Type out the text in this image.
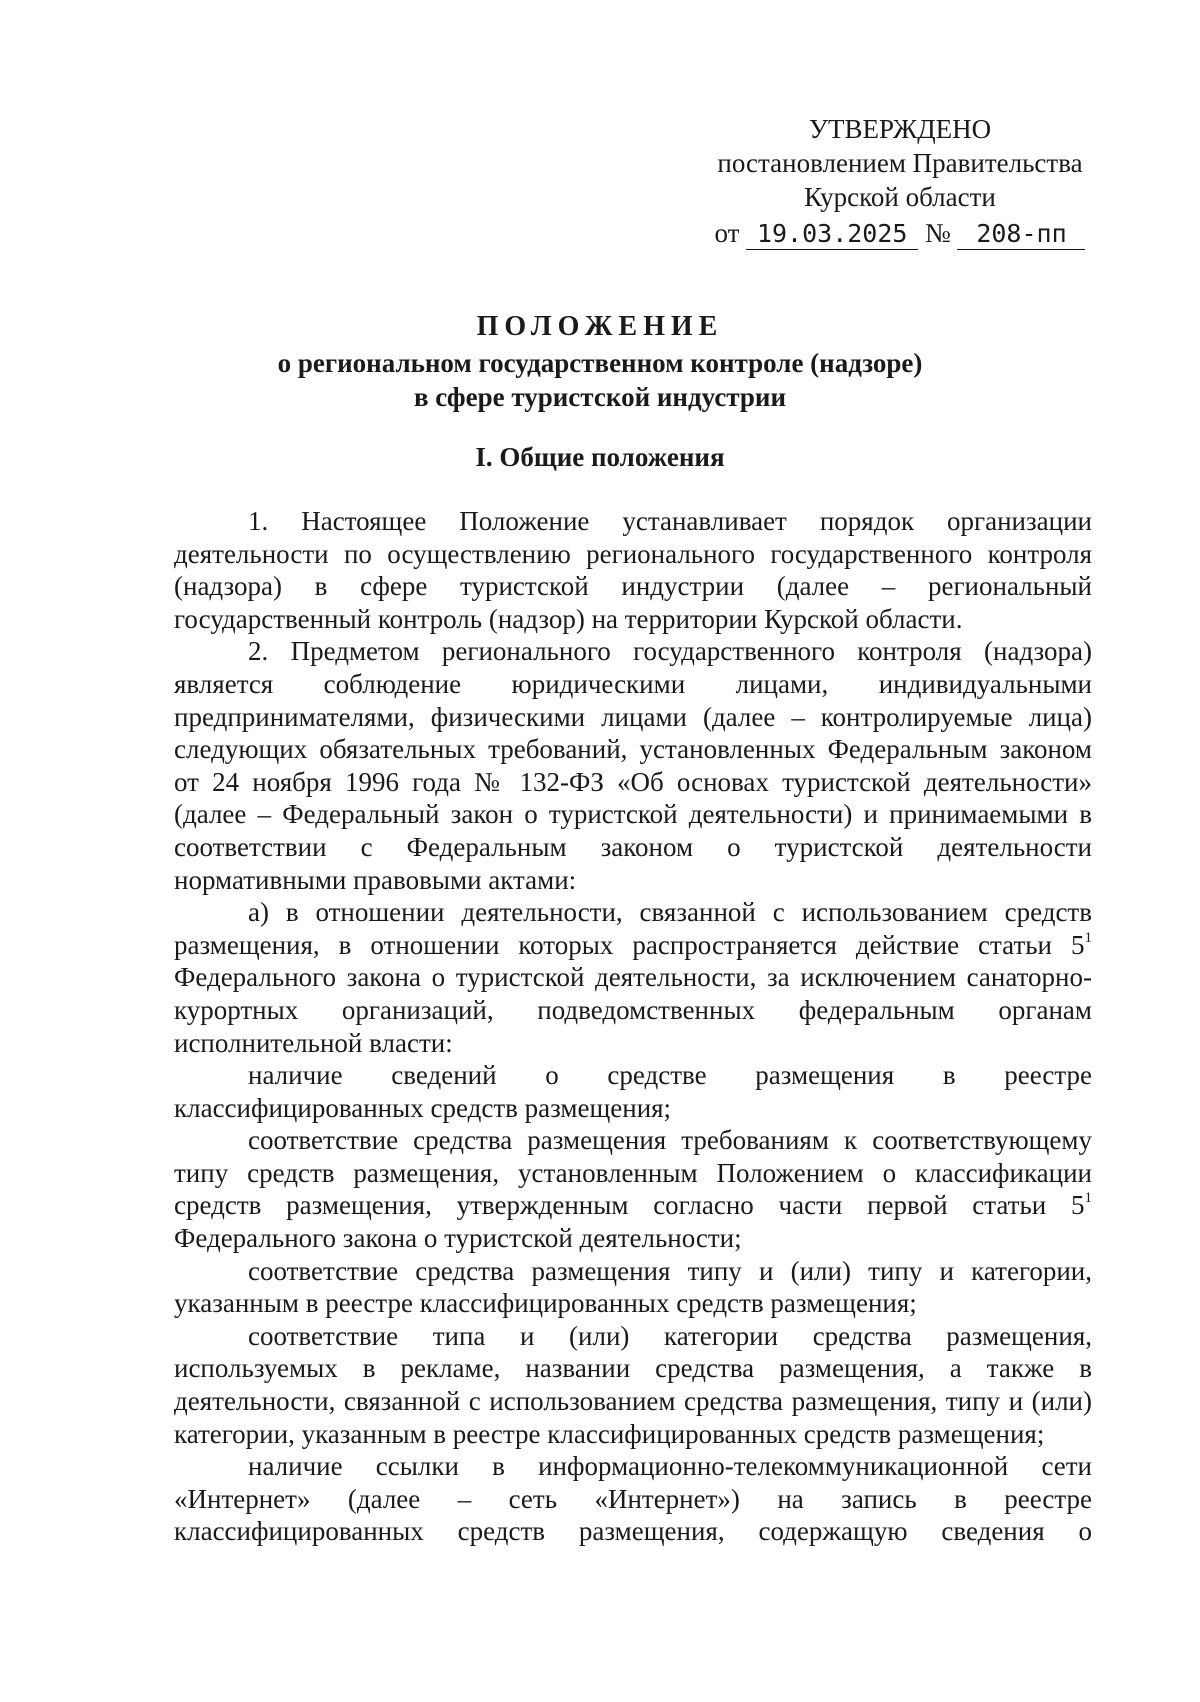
УТВЕРЖДЕНО
постановлением Правительства
Курской области
от 19.03.2025 № 208-пп
ПОЛОЖЕНИЕ
о региональном государственном контроле (надзоре)
в сфере туристской индустрии
I. Общие положения

1. Настоящее Положение устанавливает порядок организации деятельности по осуществлению регионального государственного контроля (надзора) в сфере туристской индустрии (далее – региональный государственный контроль (надзор) на территории Курской области.

2. Предметом регионального государственного контроля (надзора) является соблюдение юридическими лицами, индивидуальными предпринимателями, физическими лицами (далее – контролируемые лица) следующих обязательных требований, установленных Федеральным законом от 24 ноября 1996 года № 132-ФЗ «Об основах туристской деятельности» (далее – Федеральный закон о туристской деятельности) и принимаемыми в соответствии с Федеральным законом о туристской деятельности нормативными правовыми актами:

а) в отношении деятельности, связанной с использованием средств размещения, в отношении которых распространяется действие статьи $5^1$ Федерального закона о туристской деятельности, за исключением санаторно-курортных организаций, подведомственных федеральным органам исполнительной власти:

наличие сведений о средстве размещения в реестре классифицированных средств размещения;

соответствие средства размещения требованиям к соответствующему типу средств размещения, установленным Положением о классификации средств размещения, утвержденным согласно части первой статьи $5^1$ Федерального закона о туристской деятельности;

соответствие средства размещения типу и (или) типу и категории, указанным в реестре классифицированных средств размещения;

соответствие типа и (или) категории средства размещения, используемых в рекламе, названии средства размещения, а также в деятельности, связанной с использованием средства размещения, типу и (или) категории, указанным в реестре классифицированных средств размещения;

наличие ссылки в информационно-телекоммуникационной сети «Интернет» (далее – сеть «Интернет») на запись в реестре классифицированных средств размещения, содержащую сведения о
